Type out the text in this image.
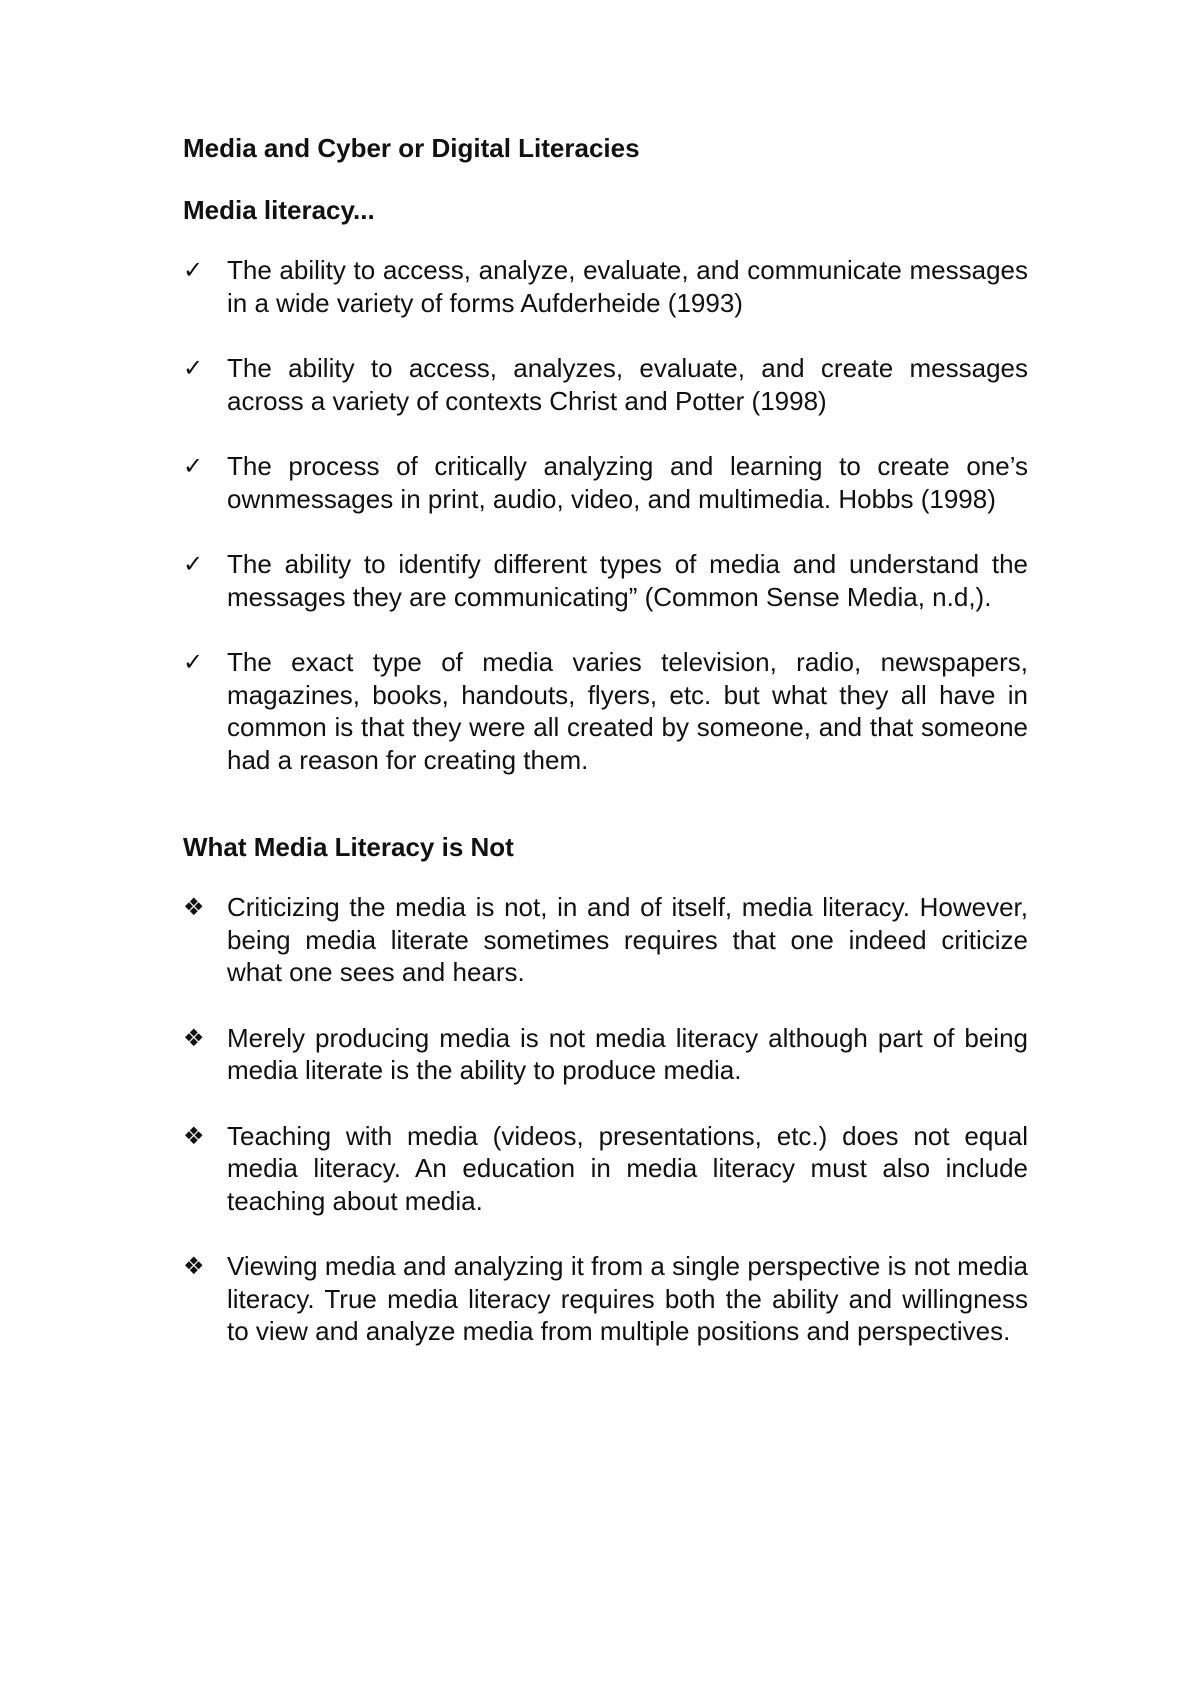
Media and Cyber or Digital Literacies
Media literacy...
✓ The ability to access, analyze, evaluate, and communicate messages in a wide variety of forms Aufderheide (1993)
✓ The ability to access, analyzes, evaluate, and create messages across a variety of contexts Christ and Potter (1998)
✓ The process of critically analyzing and learning to create one’s ownmessages in print, audio, video, and multimedia. Hobbs (1998)
✓ The ability to identify different types of media and understand the messages they are communicating” (Common Sense Media, n.d,).
✓ The exact type of media varies television, radio, newspapers, magazines, books, handouts, flyers, etc. but what they all have in common is that they were all created by someone, and that someone had a reason for creating them.
What Media Literacy is Not
❖ Criticizing the media is not, in and of itself, media literacy. However, being media literate sometimes requires that one indeed criticize what one sees and hears.
❖ Merely producing media is not media literacy although part of being media literate is the ability to produce media.
❖ Teaching with media (videos, presentations, etc.) does not equal media literacy. An education in media literacy must also include teaching about media.
❖ Viewing media and analyzing it from a single perspective is not media literacy. True media literacy requires both the ability and willingness to view and analyze media from multiple positions and perspectives.
